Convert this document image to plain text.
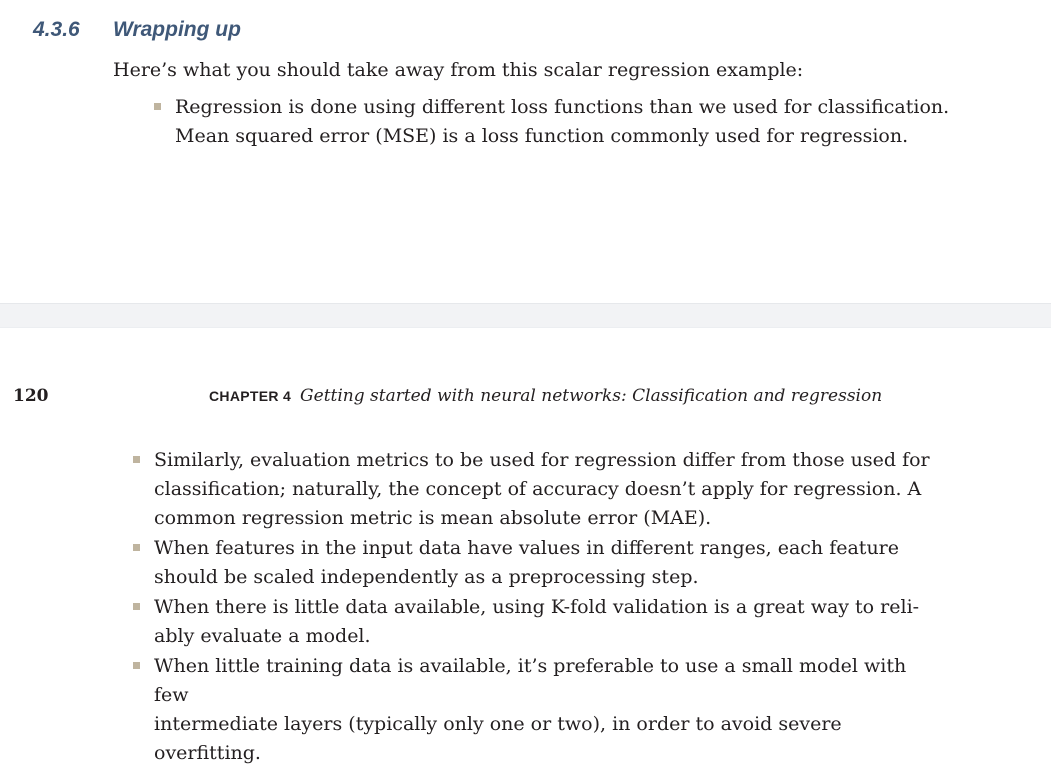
4.3.6 Wrapping up
Here’s what you should take away from this scalar regression example:
Regression is done using different loss functions than we used for classification.
Mean squared error (MSE) is a loss function commonly used for regression.
120	CHAPTER 4 Getting started with neural networks: Classification and regression
Similarly, evaluation metrics to be used for regression differ from those used for
classification; naturally, the concept of accuracy doesn’t apply for regression. A
common regression metric is mean absolute error (MAE).
When features in the input data have values in different ranges, each feature
should be scaled independently as a preprocessing step.
When there is little data available, using K-fold validation is a great way to reli-
ably evaluate a model.
When little training data is available, it’s preferable to use a small model with few
intermediate layers (typically only one or two), in order to avoid severe overfitting.
